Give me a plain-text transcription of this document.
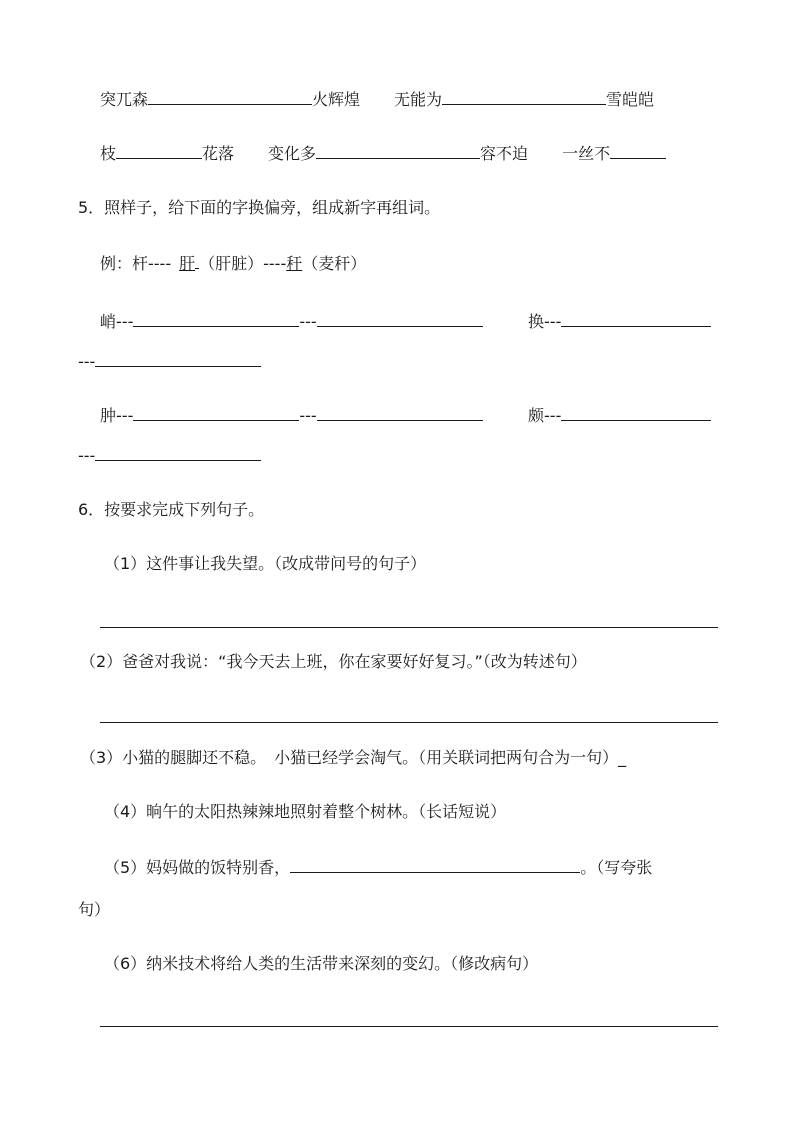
突兀森	火辉煌 无能为	雪皑皑
枝	花落 变化多	容不迫 一丝不
5．照样子，给下面的字换偏旁，组成新字再组词。
例：杆---- 肝 （肝脏）----秆（麦秆）
峭---	---	换---
---
肿---	---	颇---
---
6．按要求完成下列句子。
（1）这件事让我失望。（改成带问号的句子）
（2）爸爸对我说：“我今天去上班，你在家要好好复习。”（改为转述句）
（3）小猫的腿脚还不稳。　小猫已经学会淘气。（用关联词把两句合为一句）_
（4）晌午的太阳热辣辣地照射着整个树林。（长话短说）
（5）妈妈做的饭特别香，	。（写夸张
句）
（6）纳米技术将给人类的生活带来深刻的变幻。（修改病句）
